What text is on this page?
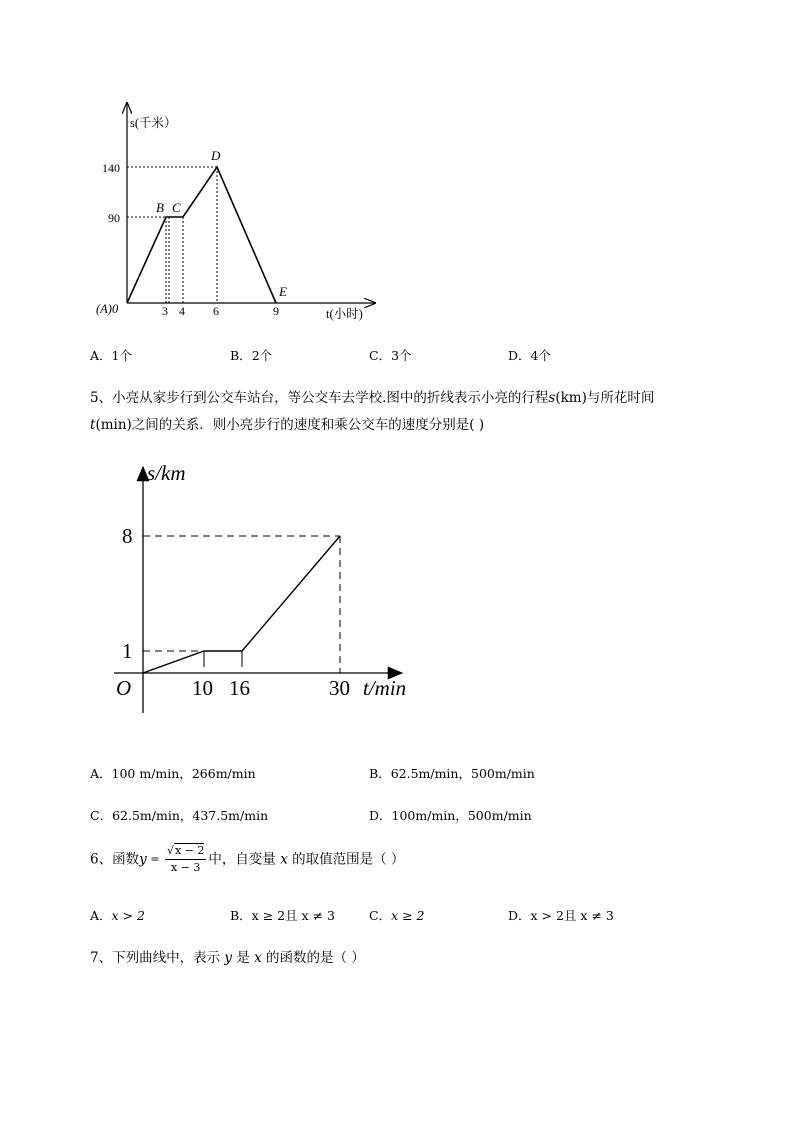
s(千米）
t(小时)
(A)0
140
90
B C
D
E
3 4 6	9
A．1个	B．2个	C．3个	D．4个
5、小亮从家步行到公交车站台，等公交车去学校.图中的折线表示小亮的行程s(km)与所花时间
t(min)之间的关系．则小亮步行的速度和乘公交车的速度分别是( )
s/km
t/min
O
8
1
10 16	30
A．100 m/min，266m/min	B．62.5m/min，500m/min
C．62.5m/min，437.5m/min	D．100m/min，500m/min
6、函数$y = \frac{√x - 2}{x - 3}$ 中，自变量 x 的取值范围是（ ）
A．x > 2	B．x ≥ 2且 x ≠ 3	C．x ≥ 2	D．x > 2且 x ≠ 3
7、下列曲线中，表示 y 是 x 的函数的是（ ）
